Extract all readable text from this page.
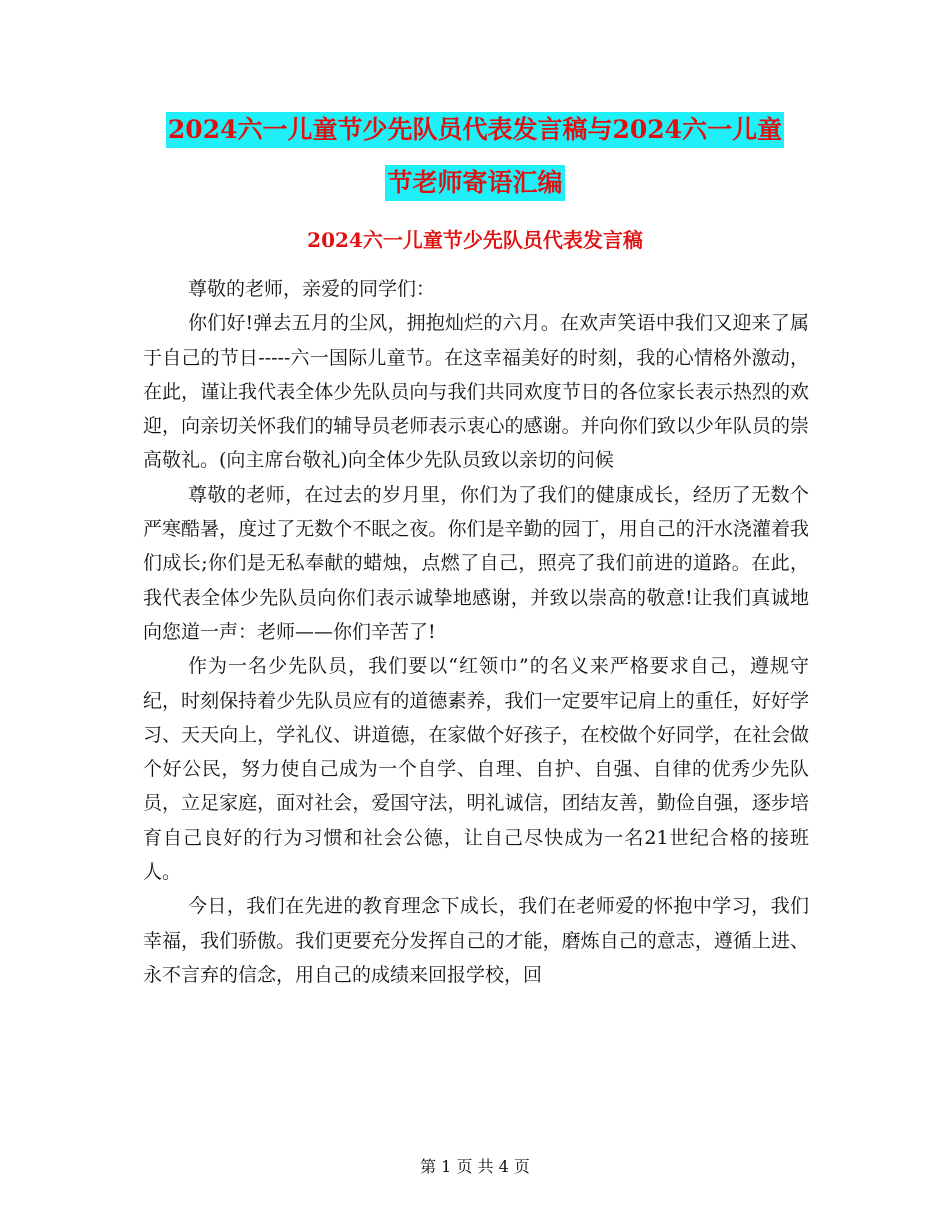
2024六一儿童节少先队员代表发言稿与2024六一儿童
节老师寄语汇编
2024六一儿童节少先队员代表发言稿

尊敬的老师，亲爱的同学们：

你们好!弹去五月的尘风，拥抱灿烂的六月。在欢声笑语中我们又迎来了属于自己的节日-----六一国际儿童节。在这幸福美好的时刻，我的心情格外激动，在此，谨让我代表全体少先队员向与我们共同欢度节日的各位家长表示热烈的欢迎，向亲切关怀我们的辅导员老师表示衷心的感谢。并向你们致以少年队员的崇高敬礼。(向主席台敬礼)向全体少先队员致以亲切的问候

尊敬的老师，在过去的岁月里，你们为了我们的健康成长，经历了无数个严寒酷暑，度过了无数个不眠之夜。你们是辛勤的园丁，用自己的汗水浇灌着我们成长;你们是无私奉献的蜡烛，点燃了自己，照亮了我们前进的道路。在此，我代表全体少先队员向你们表示诚挚地感谢，并致以崇高的敬意!让我们真诚地向您道一声：老师——你们辛苦了!

作为一名少先队员，我们要以“红领巾”的名义来严格要求自己，遵规守纪，时刻保持着少先队员应有的道德素养，我们一定要牢记肩上的重任，好好学习、天天向上，学礼仪、讲道德，在家做个好孩子，在校做个好同学，在社会做个好公民，努力使自己成为一个自学、自理、自护、自强、自律的优秀少先队员，立足家庭，面对社会，爱国守法，明礼诚信，团结友善，勤俭自强，逐步培育自己良好的行为习惯和社会公德，让自己尽快成为一名21世纪合格的接班人。

今日，我们在先进的教育理念下成长，我们在老师爱的怀抱中学习，我们幸福，我们骄傲。我们更要充分发挥自己的才能，磨炼自己的意志，遵循上进、永不言弃的信念，用自己的成绩来回报学校，回

第 1 页 共 4 页
